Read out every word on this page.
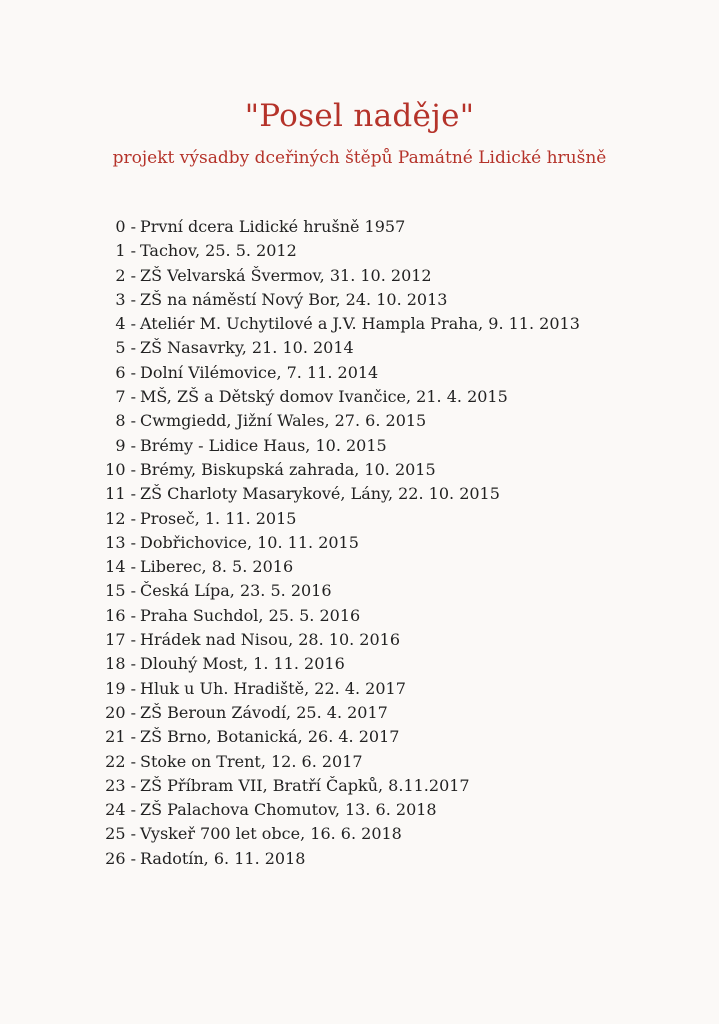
"Posel naděje"
projekt výsadby dceřiných štěpů Památné Lidické hrušně
0 - První dcera Lidické hrušně 1957
1 - Tachov, 25. 5. 2012
2 - ZŠ Velvarská Švermov, 31. 10. 2012
3 - ZŠ na náměstí Nový Bor, 24. 10. 2013
4 - Ateliér M. Uchytilové a J.V. Hampla Praha, 9. 11. 2013
5 - ZŠ Nasavrky, 21. 10. 2014
6 - Dolní Vilémovice, 7. 11. 2014
7 - MŠ, ZŠ a Dětský domov Ivančice, 21. 4. 2015
8 - Cwmgiedd, Jižní Wales, 27. 6. 2015
9 - Brémy - Lidice Haus, 10. 2015
10 - Brémy, Biskupská zahrada, 10. 2015
11 - ZŠ Charloty Masarykové, Lány, 22. 10. 2015
12 - Proseč, 1. 11. 2015
13 - Dobřichovice, 10. 11. 2015
14 - Liberec, 8. 5. 2016
15 - Česká Lípa, 23. 5. 2016
16 - Praha Suchdol, 25. 5. 2016
17 - Hrádek nad Nisou, 28. 10. 2016
18 - Dlouhý Most, 1. 11. 2016
19 - Hluk u Uh. Hradiště, 22. 4. 2017
20 - ZŠ Beroun Závodí, 25. 4. 2017
21 - ZŠ Brno, Botanická, 26. 4. 2017
22 - Stoke on Trent, 12. 6. 2017
23 - ZŠ Příbram VII, Bratří Čapků, 8.11.2017
24 - ZŠ Palachova Chomutov, 13. 6. 2018
25 - Vyskeř 700 let obce, 16. 6. 2018
26 - Radotín, 6. 11. 2018
